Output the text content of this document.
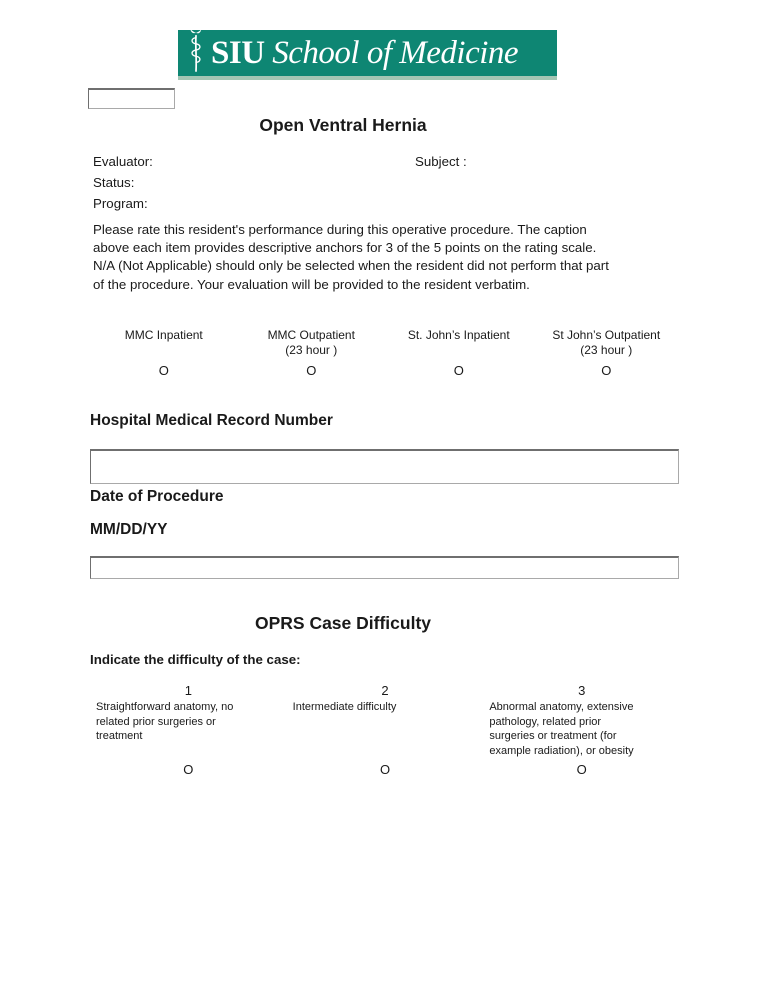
SIU School of Medicine
Open Ventral Hernia
Evaluator:	Subject :
Status:
Program:
Please rate this resident's performance during this operative procedure. The caption
above each item provides descriptive anchors for 3 of the 5 points on the rating scale.
N/A (Not Applicable) should only be selected when the resident did not perform that part
of the procedure. Your evaluation will be provided to the resident verbatim.
MMC Inpatient
O
MMC Outpatient
(23 hour )
O
St. John’s Inpatient
O
St John’s Outpatient
(23 hour )
O
Hospital Medical Record Number
Date of Procedure
MM/DD/YY
OPRS Case Difficulty
Indicate the difficulty of the case:
1
Straightforward anatomy, no
related prior surgeries or
treatment
O
2
Intermediate difficulty
O
3
Abnormal anatomy, extensive
pathology, related prior
surgeries or treatment (for
example radiation), or obesity
O
